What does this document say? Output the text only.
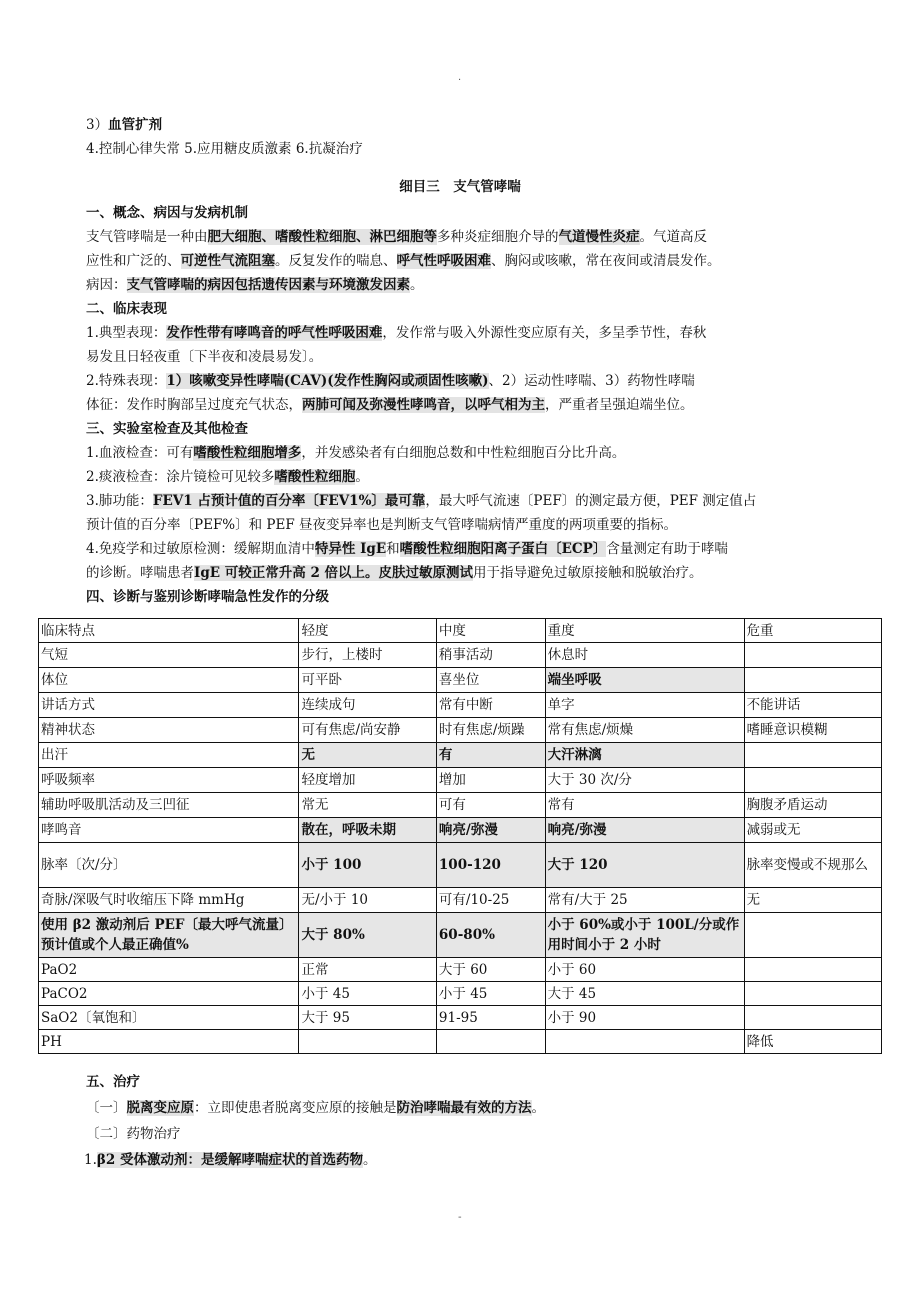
.
3）血管扩剂
4.控制心律失常 5.应用糖皮质激素 6.抗凝治疗
细目三　支气管哮喘
一、概念、病因与发病机制
支气管哮喘是一种由肥大细胞、嗜酸性粒细胞、淋巴细胞等多种炎症细胞介导的气道慢性炎症。气道高反
应性和广泛的、可逆性气流阻塞。反复发作的喘息、呼气性呼吸困难、胸闷或咳嗽，常在夜间或清晨发作。
病因：支气管哮喘的病因包括遗传因素与环境激发因素。
二、临床表现
1.典型表现：发作性带有哮鸣音的呼气性呼吸困难，发作常与吸入外源性变应原有关，多呈季节性，春秋
易发且日轻夜重〔下半夜和凌晨易发〕。
2.特殊表现：1）咳嗽变异性哮喘(CAV)(发作性胸闷或顽固性咳嗽)、2）运动性哮喘、3）药物性哮喘
体征：发作时胸部呈过度充气状态，两肺可闻及弥漫性哮鸣音，以呼气相为主，严重者呈强迫端坐位。
三、实验室检查及其他检查
1.血液检查：可有嗜酸性粒细胞增多，并发感染者有白细胞总数和中性粒细胞百分比升高。
2.痰液检查：涂片镜检可见较多嗜酸性粒细胞。
3.肺功能：FEV1 占预计值的百分率〔FEV1%〕最可靠，最大呼气流速〔PEF〕的测定最方便，PEF 测定值占
预计值的百分率〔PEF%〕和 PEF 昼夜变异率也是判断支气管哮喘病情严重度的两项重要的指标。
4.免疫学和过敏原检测：缓解期血清中特异性 IgE和嗜酸性粒细胞阳离子蛋白〔ECP〕含量测定有助于哮喘
的诊断。哮喘患者IgE 可较正常升高 2 倍以上。皮肤过敏原测试用于指导避免过敏原接触和脱敏治疗。
四、诊断与鉴别诊断哮喘急性发作的分级
临床特点	轻度	中度	重度	危重
气短	步行，上楼时	稍事活动	休息时	
体位	可平卧	喜坐位	端坐呼吸	
讲话方式	连续成句	常有中断	单字	不能讲话
精神状态	可有焦虑/尚安静	时有焦虑/烦躁	常有焦虑/烦燥	嗜睡意识模糊
出汗	无	有	大汗淋漓	
呼吸频率	轻度增加	增加	大于 30 次/分	
辅助呼吸肌活动及三凹征	常无	可有	常有	胸腹矛盾运动
哮鸣音	散在，呼吸未期	响亮/弥漫	响亮/弥漫	减弱或无
脉率〔次/分〕	小于 100	100-120	大于 120	脉率变慢或不规那么
奇脉/深吸气时收缩压下降 mmHg	无/小于 10	可有/10-25	常有/大于 25	无
使用 β2 激动剂后 PEF〔最大呼气流量〕预计值或个人最正确值%	大于 80%	60-80%	小于 60%或小于 100L/分或作用时间小于 2 小时	
PaO2	正常	大于 60	小于 60	
PaCO2	小于 45	小于 45	大于 45	
SaO2〔氧饱和〕	大于 95	91-95	小于 90	
PH				降低
五、治疗
〔一〕脱离变应原：立即使患者脱离变应原的接触是防治哮喘最有效的方法。
〔二〕药物治疗
1.β2 受体激动剂：是缓解哮喘症状的首选药物。
-
